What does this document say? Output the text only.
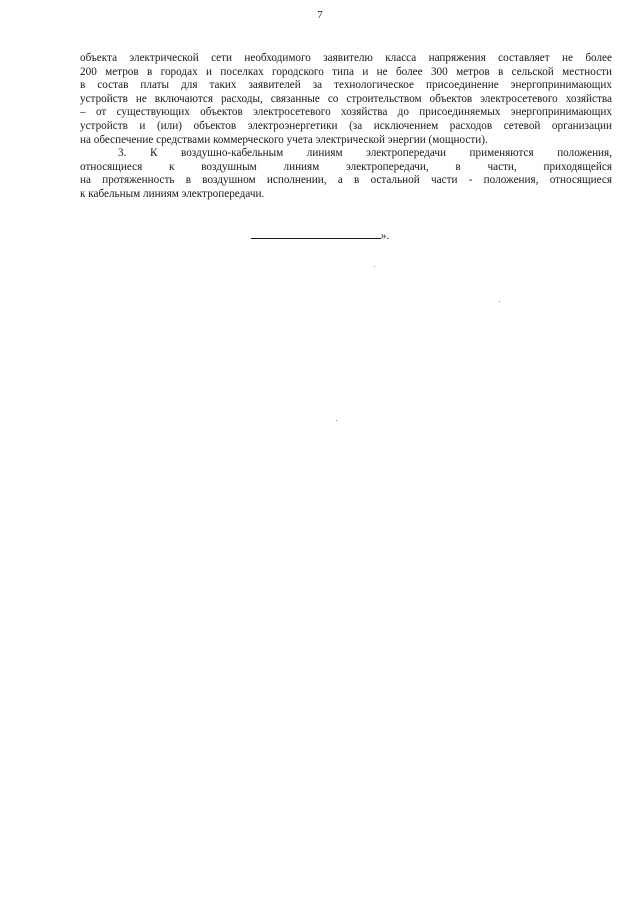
7
объекта электрической сети необходимого заявителю класса напряжения составляет не более
200 метров в городах и поселках городского типа и не более 300 метров в сельской местности
в состав платы для таких заявителей за технологическое присоединение энергопринимающих
устройств не включаются расходы, связанные со строительством объектов электросетевого хозяйства
– от существующих объектов электросетевого хозяйства до присоединяемых энергопринимающих
устройств и (или) объектов электроэнергетики (за исключением расходов сетевой организации
на обеспечение средствами коммерческого учета электрической энергии (мощности).
3. К воздушно-кабельным линиям электропередачи применяются положения,
относящиеся к воздушным линиям электропередачи, в части, приходящейся
на протяженность в воздушном исполнении, а в остальной части - положения, относящиеся
к кабельным линиям электропередачи.
».
